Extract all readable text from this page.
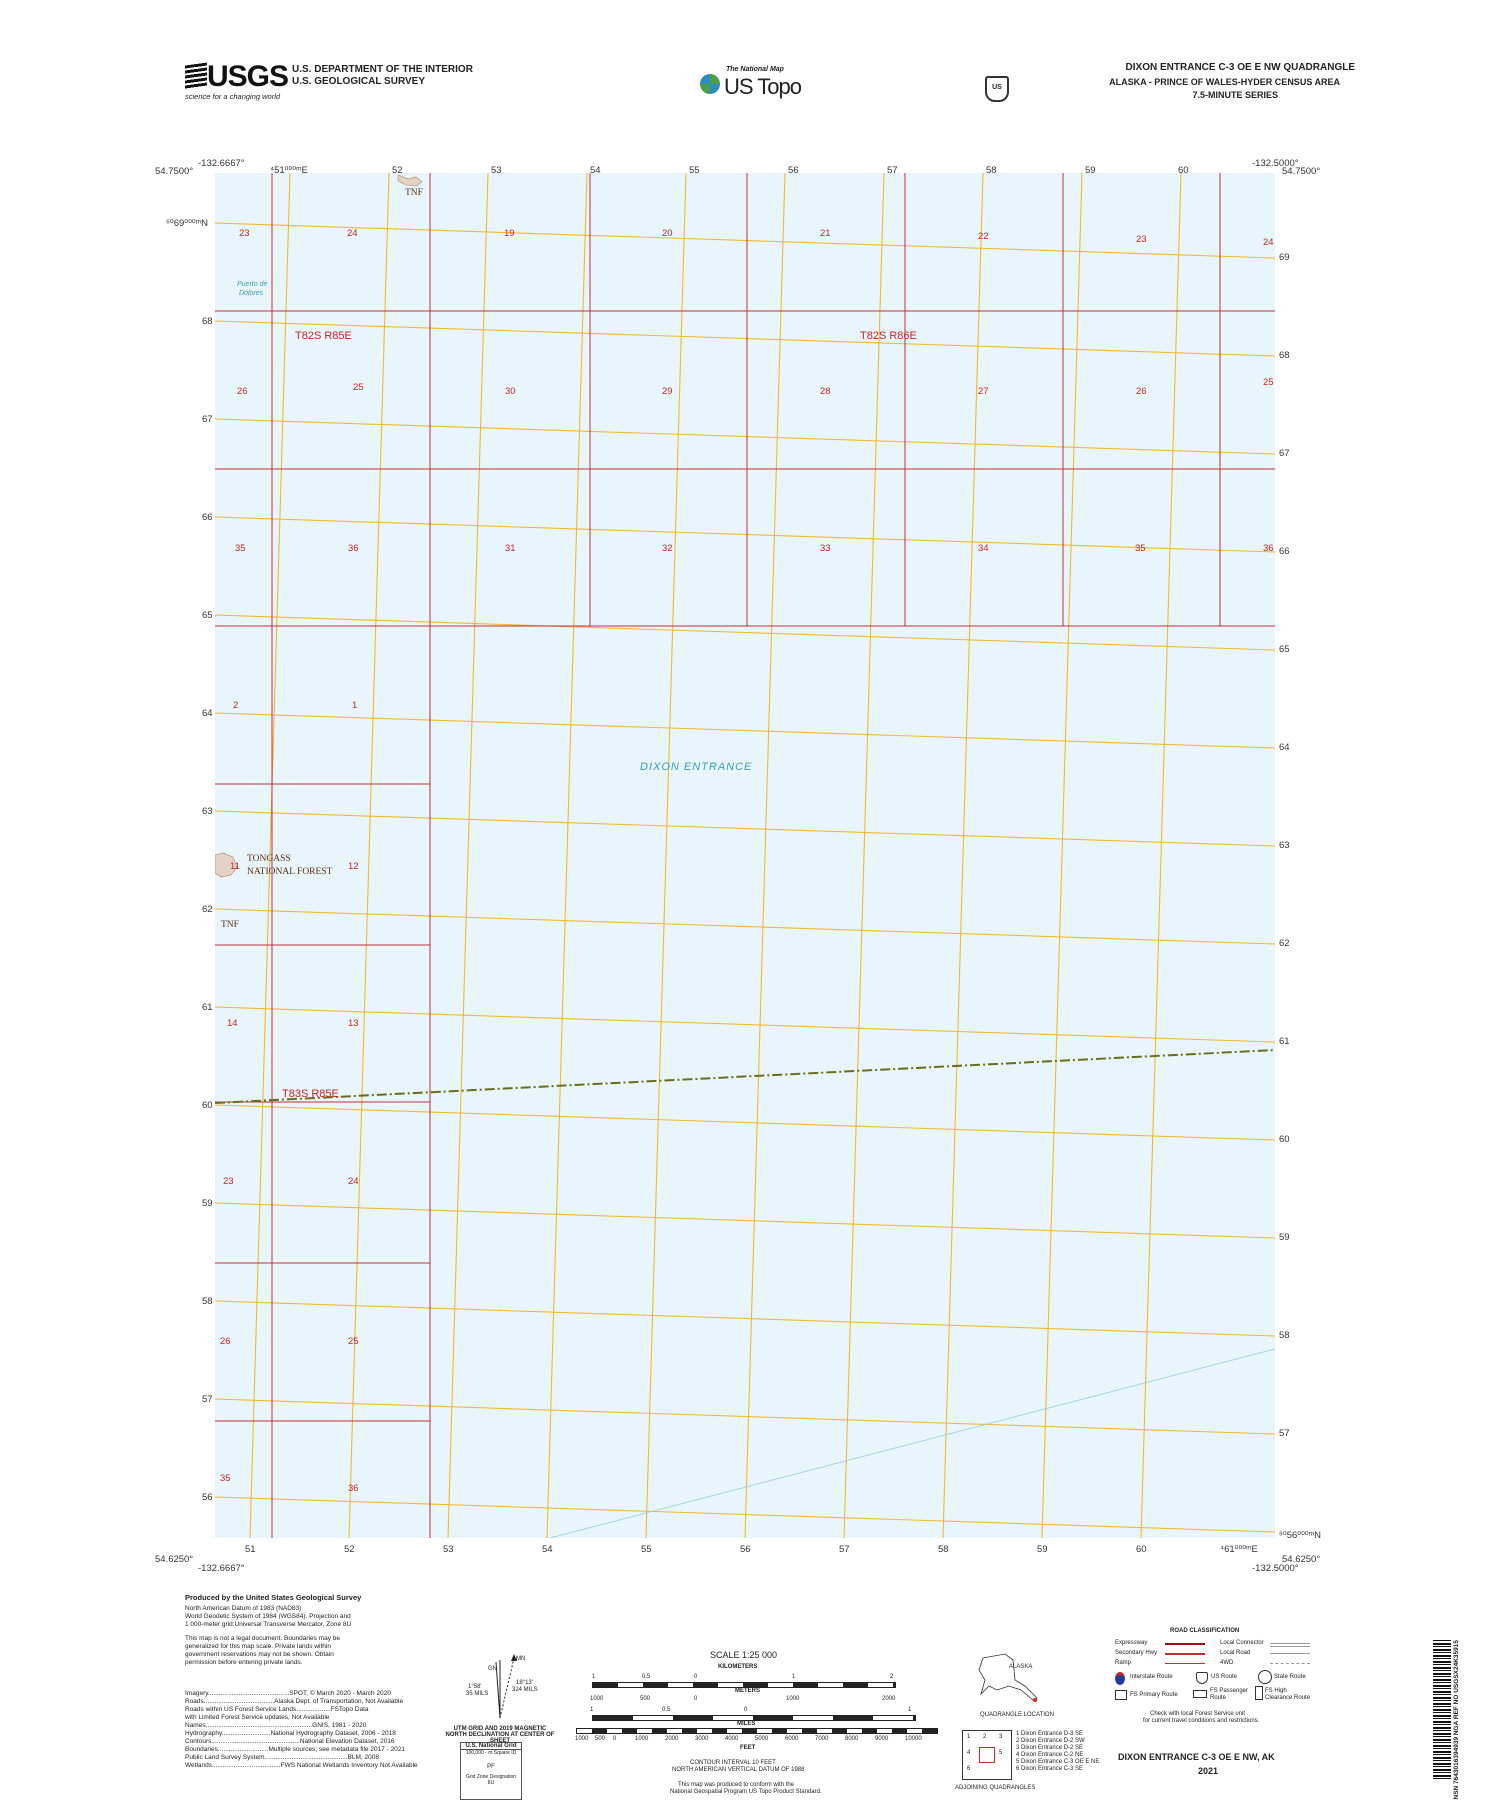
USGS
science for a changing world
U.S. DEPARTMENT OF THE INTERIOR
U.S. GEOLOGICAL SURVEY
The National Map
US Topo	US
DIXON ENTRANCE C-3 OE E NW QUADRANGLE
ALASKA - PRINCE OF WALES-HYDER CENSUS AREA
7.5-MINUTE SERIES
-132.6667°
54.7500°
-132.5000°
54.7500°
54.6250°
-132.6667°	-132.5000°
54.6250°
DIXON ENTRANCE
Puerto de
Dolores
TONGASS
NATIONAL FOREST
TNF
TNF
T82S R85E	T82S R86E
T83S R85E
23	24	19	20	21	22	23	24
26	25	30	29	28	27	26
25
35	36	31	32	33	34	35	36
2	1
11	12
14	13
23	24
26	25
35
36
⁴51⁰⁰⁰ᵐE	52	53	54	55	56	57	58	59	60
51	52	53	54	55	56	57	58	59	60	⁴61⁰⁰⁰ᵐE
⁶⁰69⁰⁰⁰ᵐN
68
67
66
65
64
63
62
61
60
59
58
57
56
69
68
67
66
65
64
63
62
61
60
59
58
57
⁶⁰56⁰⁰⁰ᵐN
Produced by the United States Geological Survey
North American Datum of 1983 (NAD83)
World Geodetic System of 1984 (WGS84). Projection and
1 000-meter grid:Universal Transverse Mercator, Zone 8U
This map is not a legal document. Boundaries may be
generalized for this map scale. Private lands within
government reservations may not be shown. Obtain
permission before entering private lands.
Imagery.............................................SPOT, © March 2020 - March 2020
Roads.......................................Alaska Dept. of Transportation, Not Available
Roads within US Forest Service Lands...................FSTopo Data
with Limited Forest Service updates, Not Available
Names...........................................................GNIS, 1981 - 2020
Hydrography...........................National Hydrography Dataset, 2006 - 2018
Contours.................................................National Elevation Dataset, 2016
Boundaries............................Multiple sources; see metadata file 2017 - 2021
Public Land Survey System..............................................BLM, 2008
Wetlands......................................FWS National Wetlands Inventory Not Available
MN
GN
1°58'
35 MILS
18°13'
324 MILS
UTM GRID AND 2019 MAGNETIC NORTH DECLINATION AT CENTER OF SHEET
U.S. National Grid
100,000 - m Square ID
PF
Grid Zone Designation
8U
SCALE 1:25 000
KILOMETERS
1	0.5	0	1	2
METERS
1000	500	0	1000	2000
1	0.5	0	1
MILES
1000 500 0	1000	2000	3000	4000	5000	6000	7000	8000	9000	10000
FEET
CONTOUR INTERVAL 10 FEET
NORTH AMERICAN VERTICAL DATUM OF 1988
This map was produced to conform with the
National Geospatial Program US Topo Product Standard.
ALASKA
QUADRANGLE LOCATION
1 2 3
4	5
6
1 Dixon Entrance D-3 SE
2 Dixon Entrance D-2 SW
3 Dixon Entrance D-2 SE
4 Dixon Entrance C-2 NE
5 Dixon Entrance C-3 OE E NE
6 Dixon Entrance C-3 SE
ADJOINING QUADRANGLES
ROAD CLASSIFICATION
Expressway
Secondary Hwy
Ramp
Local Connector
Local Road
4WD
Interstate Route	US Route	State Route
FS Primary Route
FS Passenger Route
FS High Clearance Route
Check with local Forest Service unit
for current travel conditions and restrictions.
DIXON ENTRANCE C-3 OE E NW, AK
2021	NSN 7643016394939 NGA REF NO USGSX24K35915
